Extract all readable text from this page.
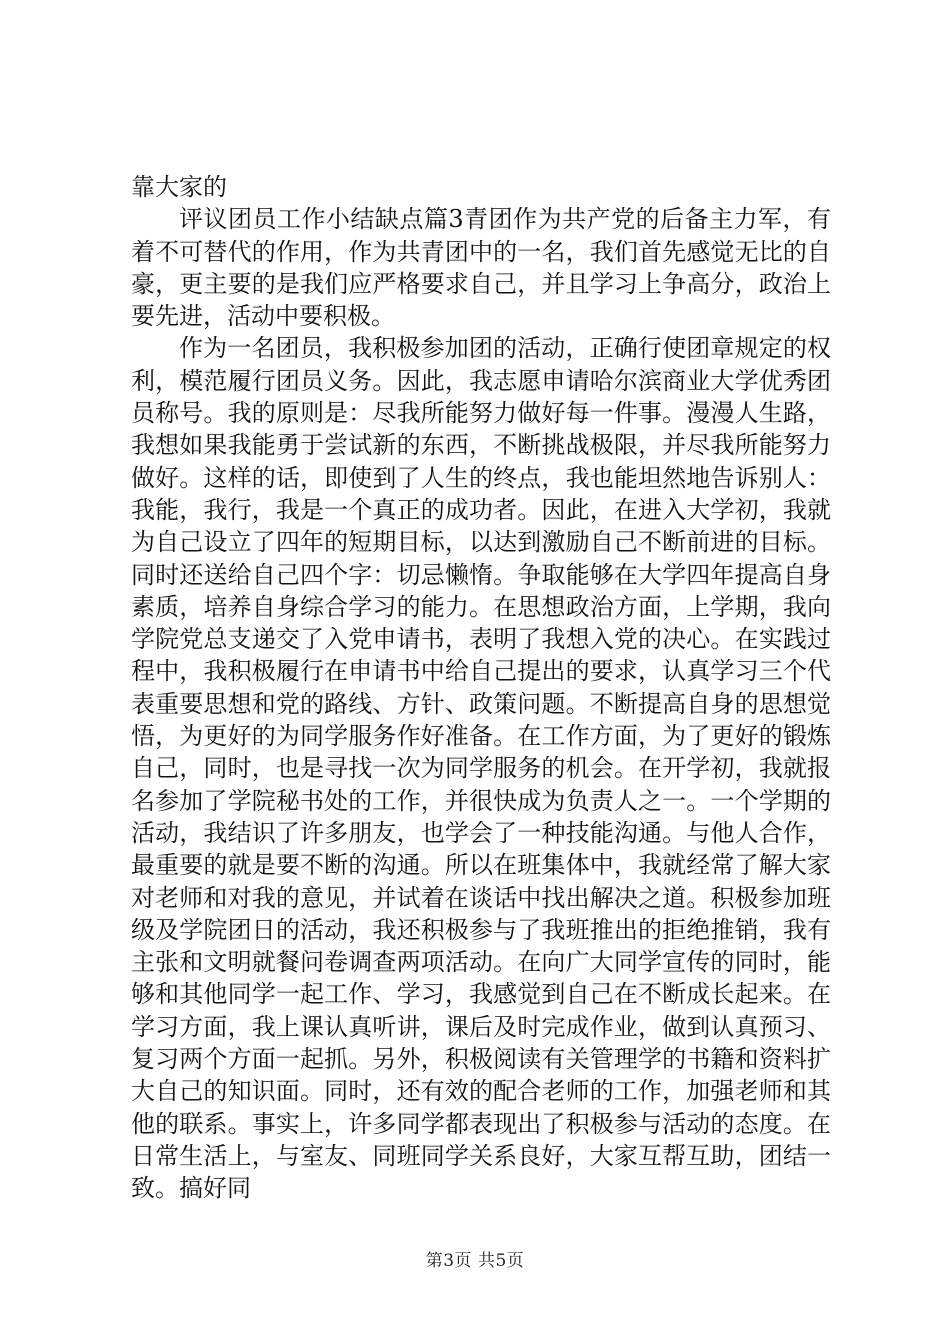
靠大家的

评议团员工作小结缺点篇3青团作为共产党的后备主力军，有着不可替代的作用，作为共青团中的一名，我们首先感觉无比的自豪，更主要的是我们应严格要求自己，并且学习上争高分，政治上要先进，活动中要积极。

作为一名团员，我积极参加团的活动，正确行使团章规定的权利，模范履行团员义务。因此，我志愿申请哈尔滨商业大学优秀团员称号。我的原则是：尽我所能努力做好每一件事。漫漫人生路，我想如果我能勇于尝试新的东西，不断挑战极限，并尽我所能努力做好。这样的话，即使到了人生的终点，我也能坦然地告诉别人：我能，我行，我是一个真正的成功者。因此，在进入大学初，我就为自己设立了四年的短期目标，以达到激励自己不断前进的目标。同时还送给自己四个字：切忌懒惰。争取能够在大学四年提高自身素质，培养自身综合学习的能力。在思想政治方面，上学期，我向学院党总支递交了入党申请书，表明了我想入党的决心。在实践过程中，我积极履行在申请书中给自己提出的要求，认真学习三个代表重要思想和党的路线、方针、政策问题。不断提高自身的思想觉悟，为更好的为同学服务作好准备。在工作方面，为了更好的锻炼自己，同时，也是寻找一次为同学服务的机会。在开学初，我就报名参加了学院秘书处的工作，并很快成为负责人之一。一个学期的活动，我结识了许多朋友，也学会了一种技能沟通。与他人合作，最重要的就是要不断的沟通。所以在班集体中，我就经常了解大家对老师和对我的意见，并试着在谈话中找出解决之道。积极参加班级及学院团日的活动，我还积极参与了我班推出的拒绝推销，我有主张和文明就餐问卷调查两项活动。在向广大同学宣传的同时，能够和其他同学一起工作、学习，我感觉到自己在不断成长起来。在学习方面，我上课认真听讲，课后及时完成作业，做到认真预习、复习两个方面一起抓。另外，积极阅读有关管理学的书籍和资料扩大自己的知识面。同时，还有效的配合老师的工作，加强老师和其他的联系。事实上，许多同学都表现出了积极参与活动的态度。在日常生活上，与室友、同班同学关系良好，大家互帮互助，团结一致。搞好同

第3页 共5页
